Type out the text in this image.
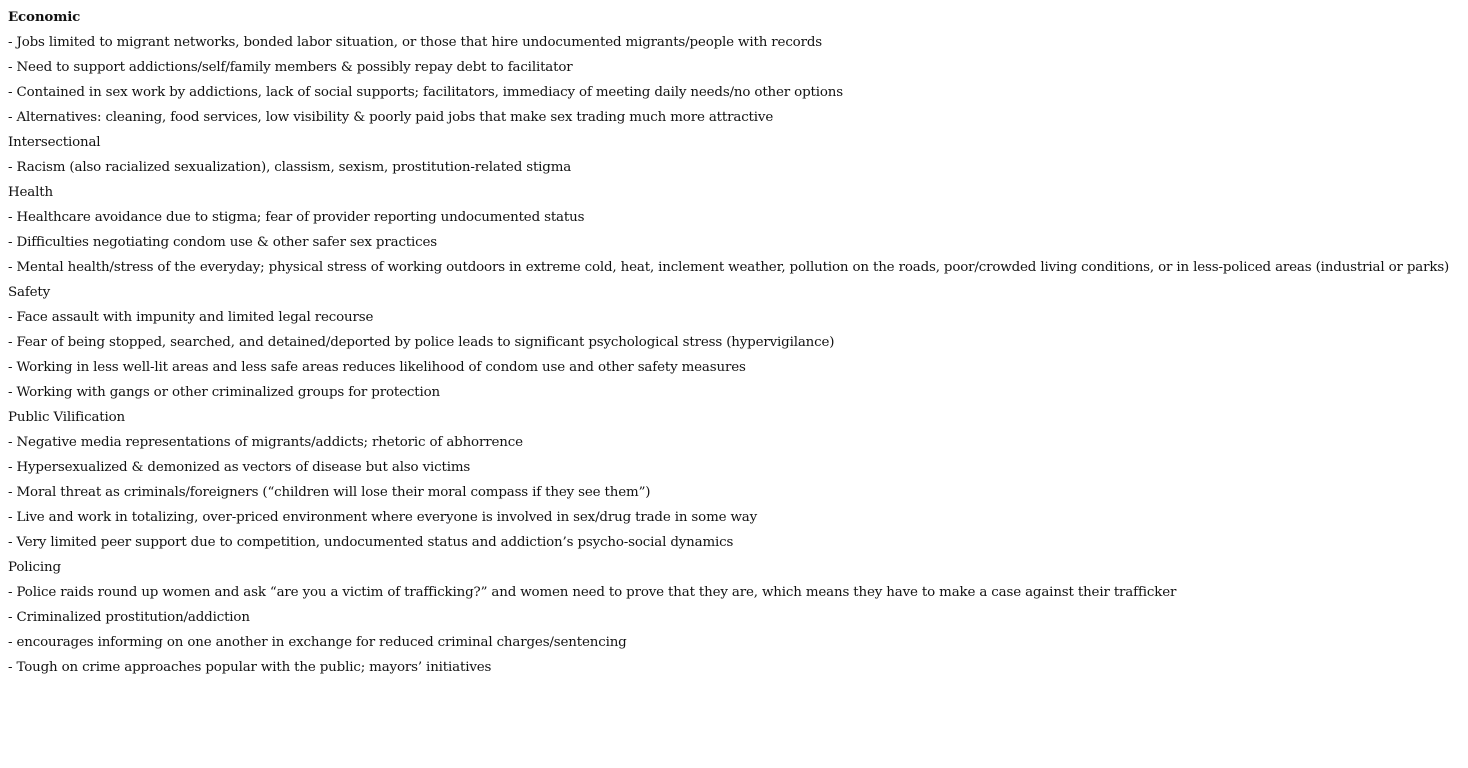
Economic
- Jobs limited to migrant networks, bonded labor situation, or those that hire undocumented migrants/people with records
- Need to support addictions/self/family members & possibly repay debt to facilitator
- Contained in sex work by addictions, lack of social supports; facilitators, immediacy of meeting daily needs/no other options
- Alternatives: cleaning, food services, low visibility & poorly paid jobs that make sex trading much more attractive
Intersectional
- Racism (also racialized sexualization), classism, sexism, prostitution-related stigma
Health
- Healthcare avoidance due to stigma; fear of provider reporting undocumented status
- Difficulties negotiating condom use & other safer sex practices
- Mental health/stress of the everyday; physical stress of working outdoors in extreme cold, heat, inclement weather, pollution on the roads, poor/crowded living conditions, or in less-policed areas (industrial or parks)
Safety
- Face assault with impunity and limited legal recourse
- Fear of being stopped, searched, and detained/deported by police leads to significant psychological stress (hypervigilance)
- Working in less well-lit areas and less safe areas reduces likelihood of condom use and other safety measures
- Working with gangs or other criminalized groups for protection
Public Vilification
- Negative media representations of migrants/addicts; rhetoric of abhorrence
- Hypersexualized & demonized as vectors of disease but also victims
- Moral threat as criminals/foreigners (“children will lose their moral compass if they see them”)
- Live and work in totalizing, over-priced environment where everyone is involved in sex/drug trade in some way
- Very limited peer support due to competition, undocumented status and addiction’s psycho-social dynamics
Policing
- Police raids round up women and ask “are you a victim of trafficking?” and women need to prove that they are, which means they have to make a case against their trafficker
- Criminalized prostitution/addiction
- encourages informing on one another in exchange for reduced criminal charges/sentencing
- Tough on crime approaches popular with the public; mayors’ initiatives
